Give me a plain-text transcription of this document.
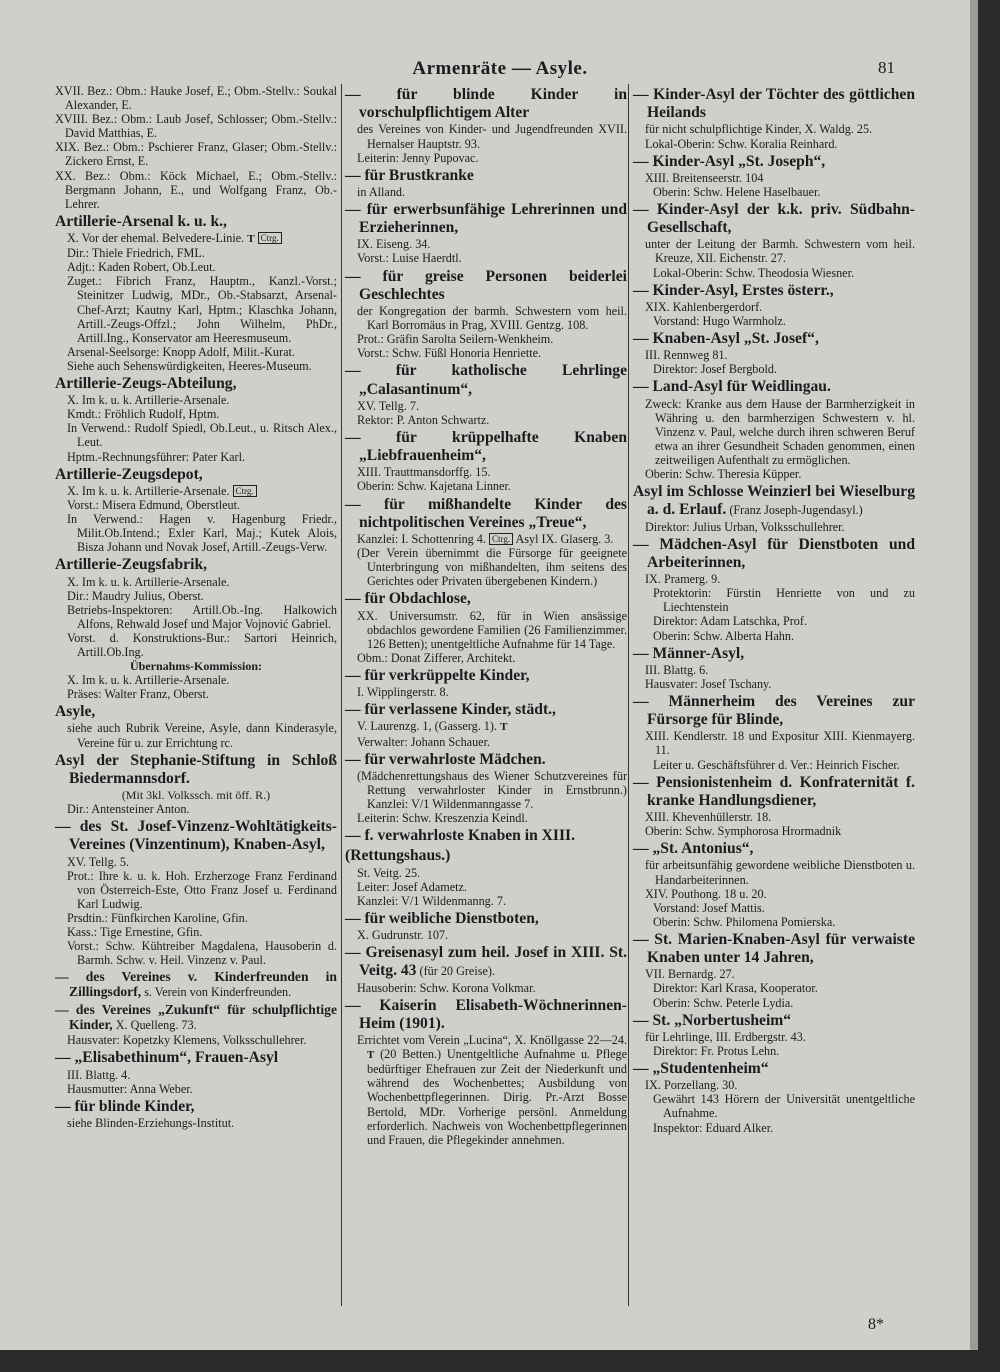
Armenräte — Asyle.	81
XVII. Bez.: Obm.: Hauke Josef, E.; Obm.-Stellv.: Soukal Alexander, E.
XVIII. Bez.: Obm.: Laub Josef, Schlosser; Obm.-Stellv.: David Matthias, E.
XIX. Bez.: Obm.: Pschierer Franz, Glaser; Obm.-Stellv.: Zickero Ernst, E.
XX. Bez.: Obm.: Köck Michael, E.; Obm.-Stellv.: Bergmann Johann, E., und Wolfgang Franz, Ob.-Lehrer.
Artillerie-Arsenal k. u. k.,
X. Vor der ehemal. Belvedere-Linie. T Ctrg.
Dir.: Thiele Friedrich, FML.
Adjt.: Kaden Robert, Ob.Leut.
Zuget.: Fibrich Franz, Hauptm., Kanzl.-Vorst.; Steinitzer Ludwig, MDr., Ob.-Stabsarzt, Arsenal-Chef-Arzt; Kautny Karl, Hptm.; Klaschka Johann, Artill.-Zeugs-Offzl.; John Wilhelm, PhDr., Artill.Ing., Konservator am Heeresmuseum.
Arsenal-Seelsorge: Knopp Adolf, Milit.-Kurat.
Siehe auch Sehenswürdigkeiten, Heeres-Museum.
Artillerie-Zeugs-Abteilung,
X. Im k. u. k. Artillerie-Arsenale.
Kmdt.: Fröhlich Rudolf, Hptm.
In Verwend.: Rudolf Spiedl, Ob.Leut., u. Ritsch Alex., Leut.
Hptm.-Rechnungsführer: Pater Karl.
Artillerie-Zeugsdepot,
X. Im k. u. k. Artillerie-Arsenale. Ctrg.
Vorst.: Misera Edmund, Oberstleut.
In Verwend.: Hagen v. Hagenburg Friedr., Milit.Ob.Intend.; Exler Karl, Maj.; Kutek Alois, Bisza Johann und Novak Josef, Artill.-Zeugs-Verw.
Artillerie-Zeugsfabrik,
X. Im k. u. k. Artillerie-Arsenale.
Dir.: Maudry Julius, Oberst.
Betriebs-Inspektoren: Artill.Ob.-Ing. Halkowich Alfons, Rehwald Josef und Major Vojnović Gabriel.
Vorst. d. Konstruktions-Bur.: Sartori Heinrich, Artill.Ob.Ing.
Übernahms-Kommission:
X. Im k. u. k. Artillerie-Arsenale.
Präses: Walter Franz, Oberst.
Asyle,
siehe auch Rubrik Vereine, Asyle, dann Kinderasyle, Vereine für u. zur Errichtung rc.
Asyl der Stephanie-Stiftung in Schloß Biedermannsdorf.
(Mit 3kl. Volkssch. mit öff. R.)
Dir.: Antensteiner Anton.
— des St. Josef-Vinzenz-Wohltätigkeits-Vereines (Vinzentinum), Knaben-Asyl,
XV. Tellg. 5.
Prot.: Ihre k. u. k. Hoh. Erzherzoge Franz Ferdinand von Österreich-Este, Otto Franz Josef u. Ferdinand Karl Ludwig.
Prsdtin.: Fünfkirchen Karoline, Gfin.
Kass.: Tige Ernestine, Gfin.
Vorst.: Schw. Kühtreiber Magdalena, Hausoberin d. Barmh. Schw. v. Heil. Vinzenz v. Paul.
— des Vereines v. Kinderfreunden in Zillingsdorf, s. Verein von Kinderfreunden.
— des Vereines „Zukunft“ für schulpflichtige Kinder, X. Quelleng. 73.
Hausvater: Kopetzky Klemens, Volksschullehrer.
— „Elisabethinum“, Frauen-Asyl
III. Blattg. 4.
Hausmutter: Anna Weber.
— für blinde Kinder,
siehe Blinden-Erziehungs-Institut.
— für blinde Kinder in vorschulpflichtigem Alter
des Vereines von Kinder- und Jugendfreunden XVII. Hernalser Hauptstr. 93.
Leiterin: Jenny Pupovac.
— für Brustkranke
in Alland.
— für erwerbsunfähige Lehrerinnen und Erzieherinnen,
IX. Eiseng. 34.
Vorst.: Luise Haerdtl.
— für greise Personen beiderlei Geschlechtes
der Kongregation der barmh. Schwestern vom heil. Karl Borromäus in Prag, XVIII. Gentzg. 108.
Prot.: Gräfin Sarolta Seilern-Wenkheim.
Vorst.: Schw. Füßl Honoria Henriette.
— für katholische Lehrlinge „Calasantinum“,
XV. Tellg. 7.
Rektor: P. Anton Schwartz.
— für krüppelhafte Knaben „Liebfrauenheim“,
XIII. Trauttmansdorffg. 15.
Oberin: Schw. Kajetana Linner.
— für mißhandelte Kinder des nichtpolitischen Vereines „Treue“,
Kanzlei: I. Schottenring 4. Ctrg. Asyl IX. Glaserg. 3.
(Der Verein übernimmt die Fürsorge für geeignete Unterbringung von mißhandelten, ihm seitens des Gerichtes oder Privaten übergebenen Kindern.)
— für Obdachlose,
XX. Universumstr. 62, für in Wien ansässige obdachlos gewordene Familien (26 Familienzimmer. 126 Betten); unentgeltliche Aufnahme für 14 Tage.
Obm.: Donat Zifferer, Architekt.
— für verkrüppelte Kinder,
I. Wipplingerstr. 8.
— für verlassene Kinder, städt.,
V. Laurenzg. 1, (Gasserg. 1). T
Verwalter: Johann Schauer.
— für verwahrloste Mädchen.
(Mädchenrettungshaus des Wiener Schutzvereines für Rettung verwahrloster Kinder in Ernstbrunn.) Kanzlei: V/1 Wildenmanngasse 7.
Leiterin: Schw. Kreszenzia Keindl.
— f. verwahrloste Knaben in XIII.
(Rettungshaus.)
St. Veitg. 25.
Leiter: Josef Adametz.
Kanzlei: V/1 Wildenmanng. 7.
— für weibliche Dienstboten,
X. Gudrunstr. 107.
— Greisenasyl zum heil. Josef in XIII. St. Veitg. 43 (für 20 Greise).
Hausoberin: Schw. Korona Volkmar.
— Kaiserin Elisabeth-Wöchnerinnen-Heim (1901).
Errichtet vom Verein „Lucina“, X. Knöllgasse 22—24. T (20 Betten.) Unentgeltliche Aufnahme u. Pflege bedürftiger Ehefrauen zur Zeit der Niederkunft und während des Wochenbettes; Ausbildung von Wochenbettpflegerinnen. Dirig. Pr.-Arzt Bosse Bertold, MDr. Vorherige persönl. Anmeldung erforderlich. Nachweis von Wochenbettpflegerinnen und Frauen, die Pflegekinder annehmen.
— Kinder-Asyl der Töchter des göttlichen Heilands
für nicht schulpflichtige Kinder, X. Waldg. 25.
Lokal-Oberin: Schw. Koralia Reinhard.
— Kinder-Asyl „St. Joseph“,
XIII. Breitenseerstr. 104
Oberin: Schw. Helene Haselbauer.
— Kinder-Asyl der k.k. priv. Südbahn-Gesellschaft,
unter der Leitung der Barmh. Schwestern vom heil. Kreuze, XII. Eichenstr. 27.
Lokal-Oberin: Schw. Theodosia Wiesner.
— Kinder-Asyl, Erstes österr.,
XIX. Kahlenbergerdorf.
Vorstand: Hugo Warmholz.
— Knaben-Asyl „St. Josef“,
III. Rennweg 81.
Direktor: Josef Bergbold.
— Land-Asyl für Weidlingau.
Zweck: Kranke aus dem Hause der Barmherzigkeit in Währing u. den barmherzigen Schwestern v. hl. Vinzenz v. Paul, welche durch ihren schweren Beruf etwa an ihrer Gesundheit Schaden genommen, einen zeitweiligen Aufenthalt zu ermöglichen.
Oberin: Schw. Theresia Küpper.
Asyl im Schlosse Weinzierl bei Wieselburg a. d. Erlauf. (Franz Joseph-Jugendasyl.)
Direktor: Julius Urban, Volksschullehrer.
— Mädchen-Asyl für Dienstboten und Arbeiterinnen,
IX. Pramerg. 9.
Protektorin: Fürstin Henriette von und zu Liechtenstein
Direktor: Adam Latschka, Prof.
Oberin: Schw. Alberta Hahn.
— Männer-Asyl,
III. Blattg. 6.
Hausvater: Josef Tschany.
— Männerheim des Vereines zur Fürsorge für Blinde,
XIII. Kendlerstr. 18 und Expositur XIII. Kienmayerg. 11.
Leiter u. Geschäftsführer d. Ver.: Heinrich Fischer.
— Pensionistenheim d. Konfraternität f. kranke Handlungsdiener,
XIII. Khevenhüllerstr. 18.
Oberin: Schw. Symphorosa Hrormadnik
— „St. Antonius“,
für arbeitsunfähig gewordene weibliche Dienstboten u. Handarbeiterinnen.
XIV. Pouthong. 18 u. 20.
Vorstand: Josef Mattis.
Oberin: Schw. Philomena Pomierska.
— St. Marien-Knaben-Asyl für verwaiste Knaben unter 14 Jahren,
VII. Bernardg. 27.
Direktor: Karl Krasa, Kooperator.
Oberin: Schw. Peterle Lydia.
— St. „Norbertusheim“
für Lehrlinge, III. Erdbergstr. 43.
Direktor: Fr. Protus Lehn.
— „Studentenheim“
IX. Porzellang. 30.
Gewährt 143 Hörern der Universität unentgeltliche Aufnahme.
Inspektor: Eduard Alker.
8*
